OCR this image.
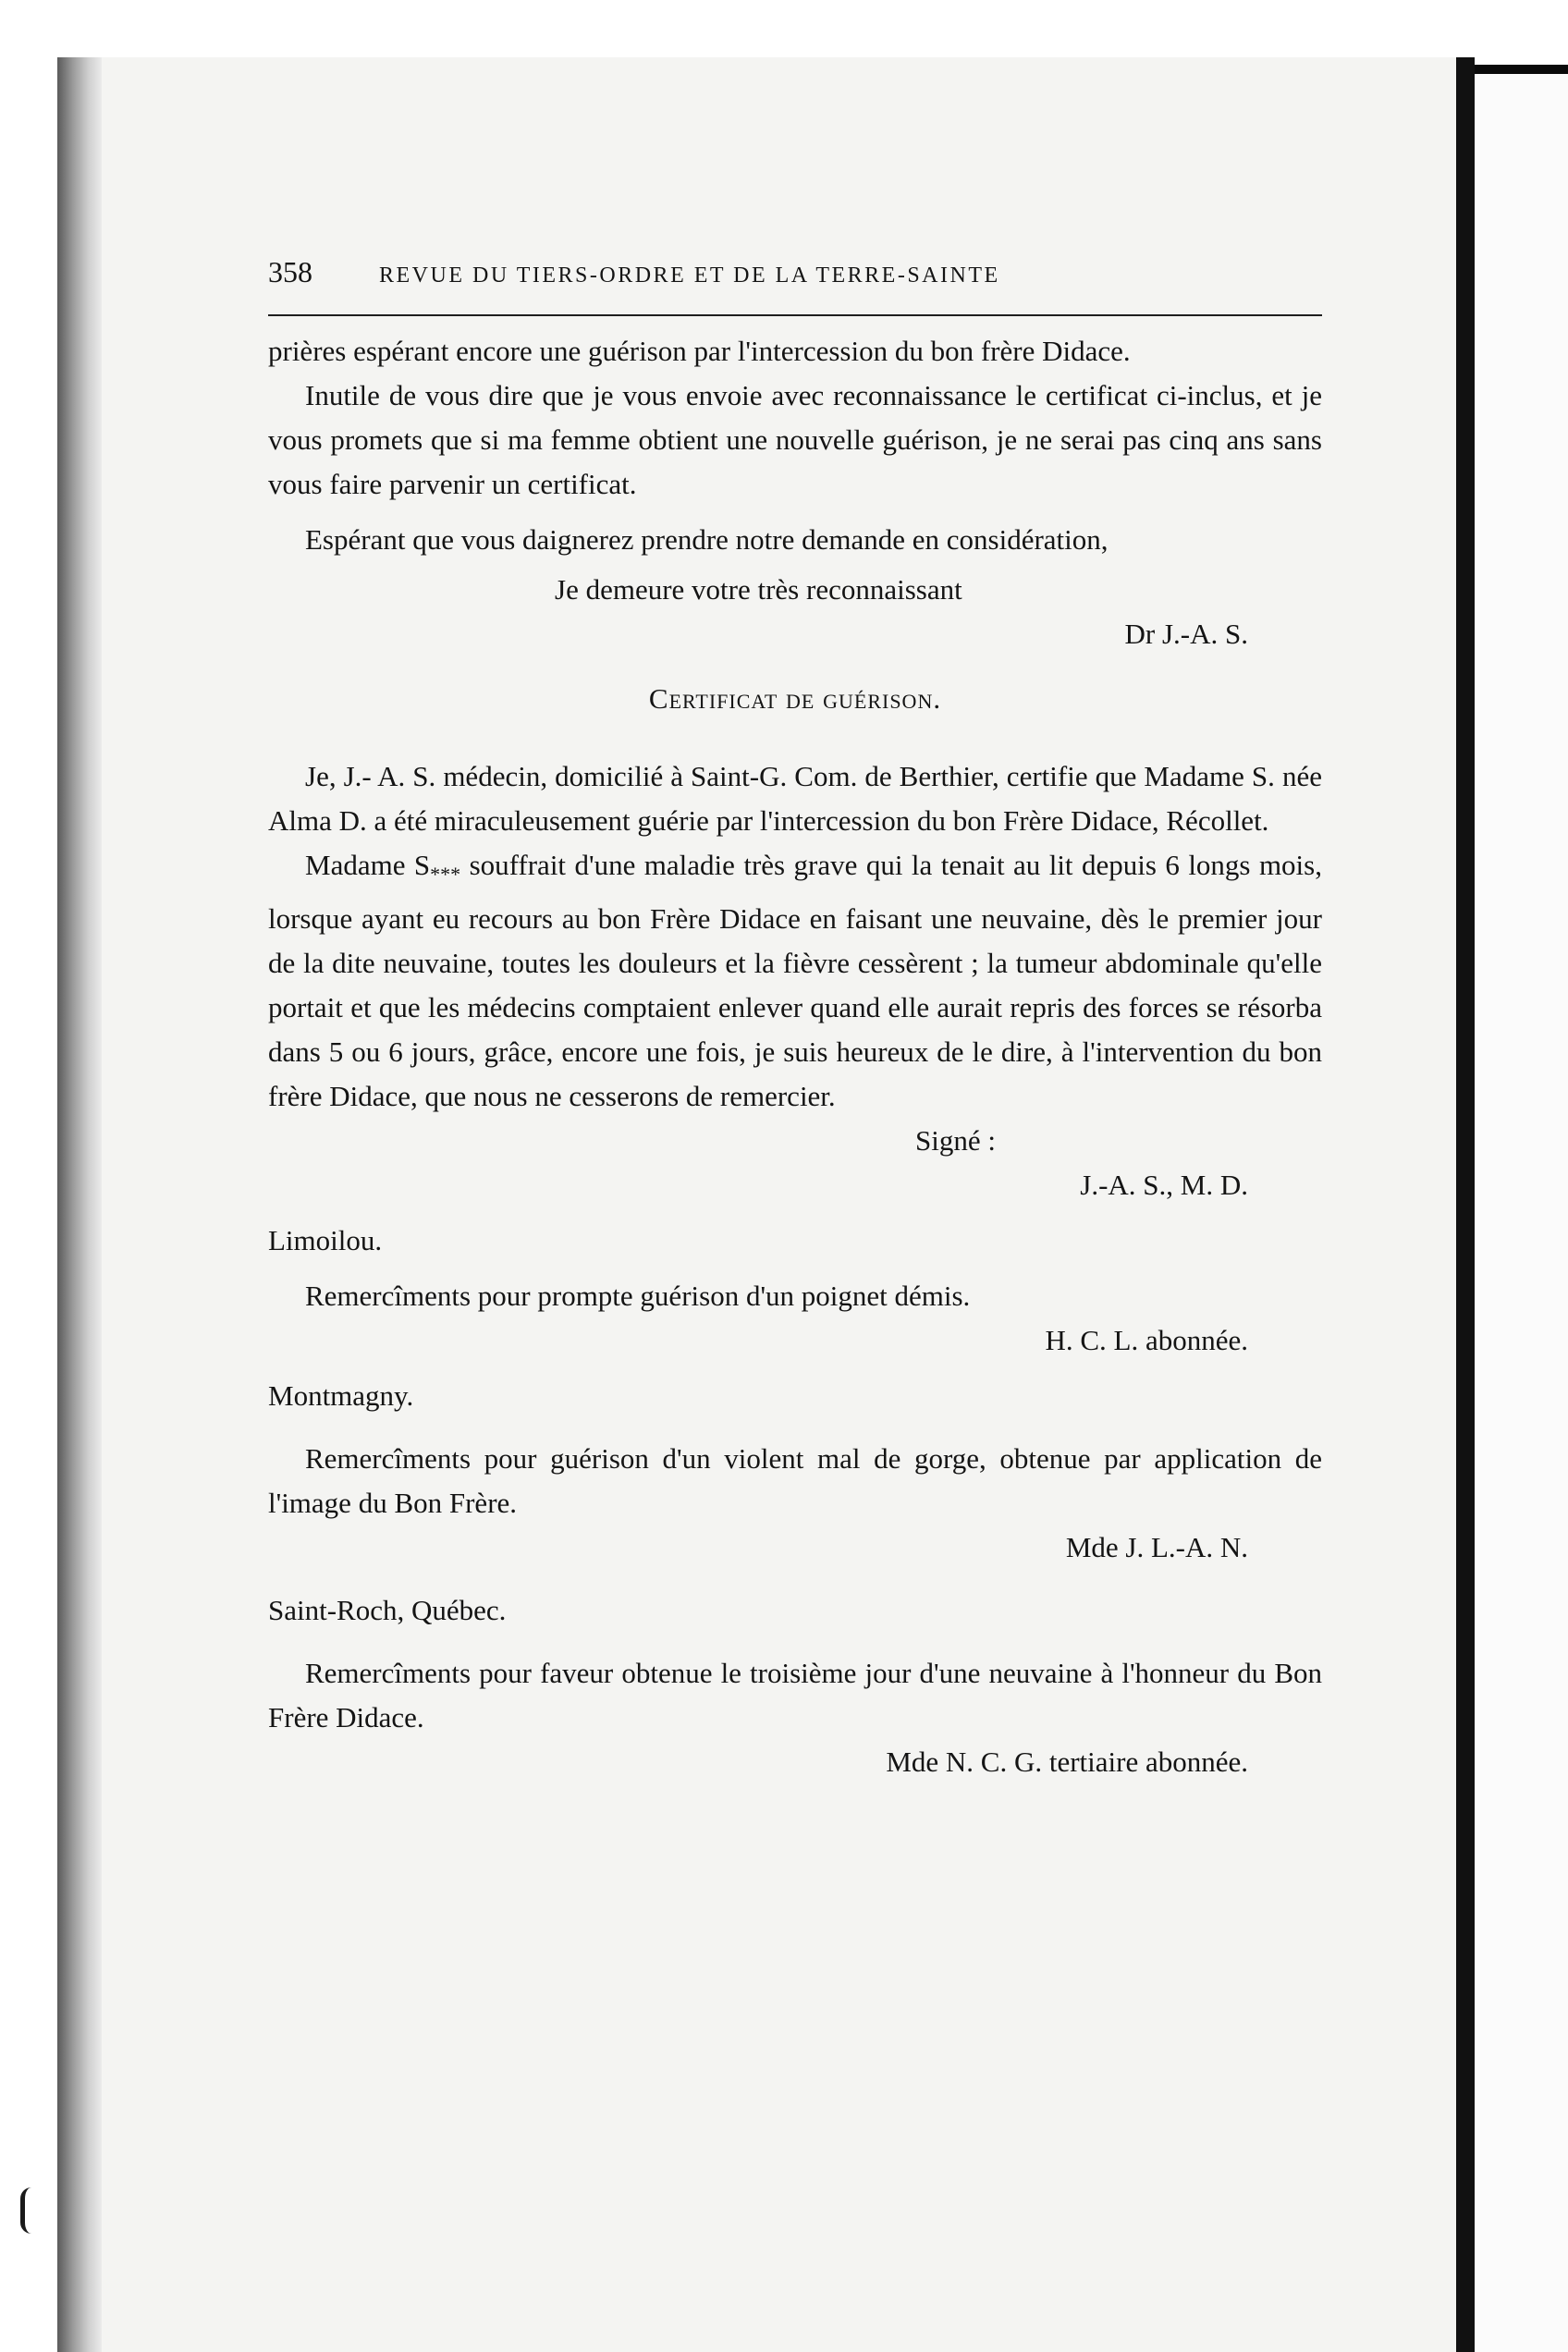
358	REVUE DU TIERS-ORDRE ET DE LA TERRE-SAINTE

prières espérant encore une guérison par l'intercession du bon frère Didace.

Inutile de vous dire que je vous envoie avec reconnaissance le certificat ci-inclus, et je vous promets que si ma femme obtient une nouvelle guérison, je ne serai pas cinq ans sans vous faire parvenir un certificat.

Espérant que vous daignerez prendre notre demande en considération,

Je demeure votre très reconnaissant

Dr J.-A. S.

Certificat de guérison.

Je, J.- A. S. médecin, domicilié à Saint-G. Com. de Berthier, certifie que Madame S. née Alma D. a été miraculeusement guérie par l'intercession du bon Frère Didace, Récollet.

Madame $S_{***}$ souffrait d'une maladie très grave qui la tenait au lit depuis 6 longs mois, lorsque ayant eu recours au bon Frère Didace en faisant une neuvaine, dès le premier jour de la dite neuvaine, toutes les douleurs et la fièvre cessèrent ; la tumeur abdominale qu'elle portait et que les médecins comptaient enlever quand elle aurait repris des forces se résorba dans 5 ou 6 jours, grâce, encore une fois, je suis heureux de le dire, à l'intervention du bon frère Didace, que nous ne cesserons de remercier.

Signé :

J.-A. S., M. D.

Limoilou.

Remercîments pour prompte guérison d'un poignet démis.

H. C. L. abonnée.

Montmagny.

Remercîments pour guérison d'un violent mal de gorge, obtenue par application de l'image du Bon Frère.

Mde J. L.-A. N.

Saint-Roch, Québec.

Remercîments pour faveur obtenue le troisième jour d'une neuvaine à l'honneur du Bon Frère Didace.

Mde N. C. G. tertiaire abonnée.
